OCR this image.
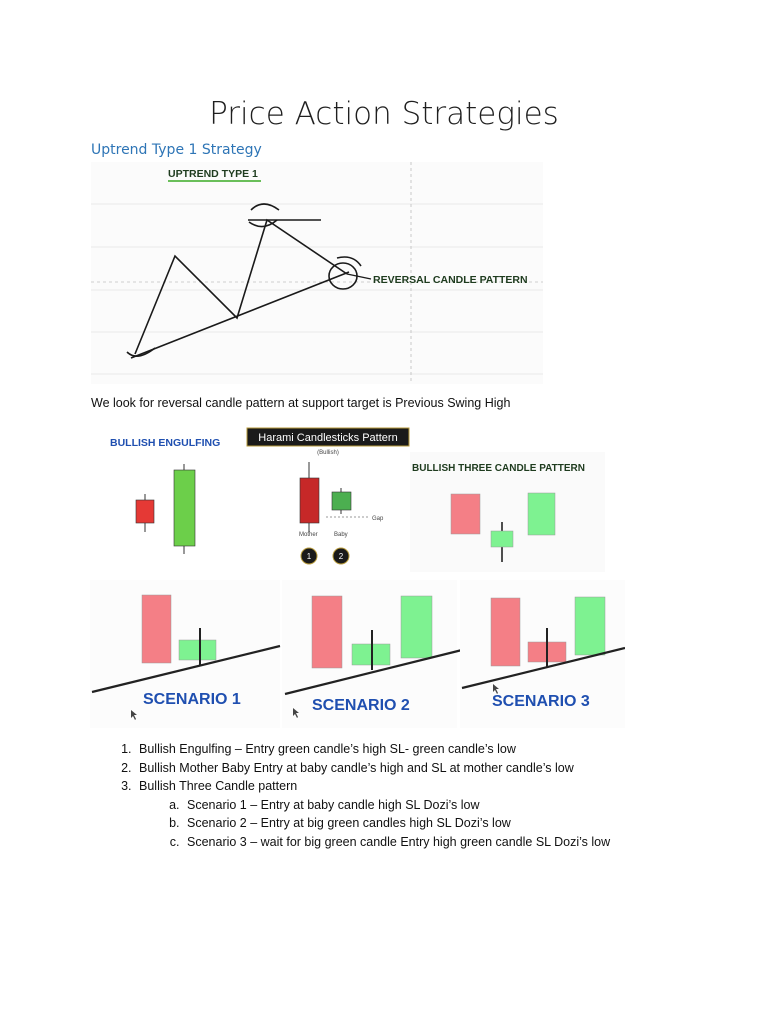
Price Action Strategies
Uptrend Type 1 Strategy
UPTREND TYPE 1
REVERSAL CANDLE PATTERN
We look for reversal candle pattern at support target is Previous Swing High
BULLISH ENGULFING	Harami Candlesticks Pattern
(Bullish)
Gap
Mother	Baby
1	2
BULLISH THREE CANDLE PATTERN
SCENARIO 1	SCENARIO 2	SCENARIO 3
1. Bullish Engulfing – Entry green candle’s high SL- green candle’s low
2. Bullish Mother Baby Entry at baby candle’s high and SL at mother candle’s low
3. Bullish Three Candle pattern
a. Scenario 1 – Entry at baby candle high SL Dozi’s low
b. Scenario 2 – Entry at big green candles high SL Dozi’s low
c. Scenario 3 – wait for big green candle Entry high green candle SL Dozi’s low
